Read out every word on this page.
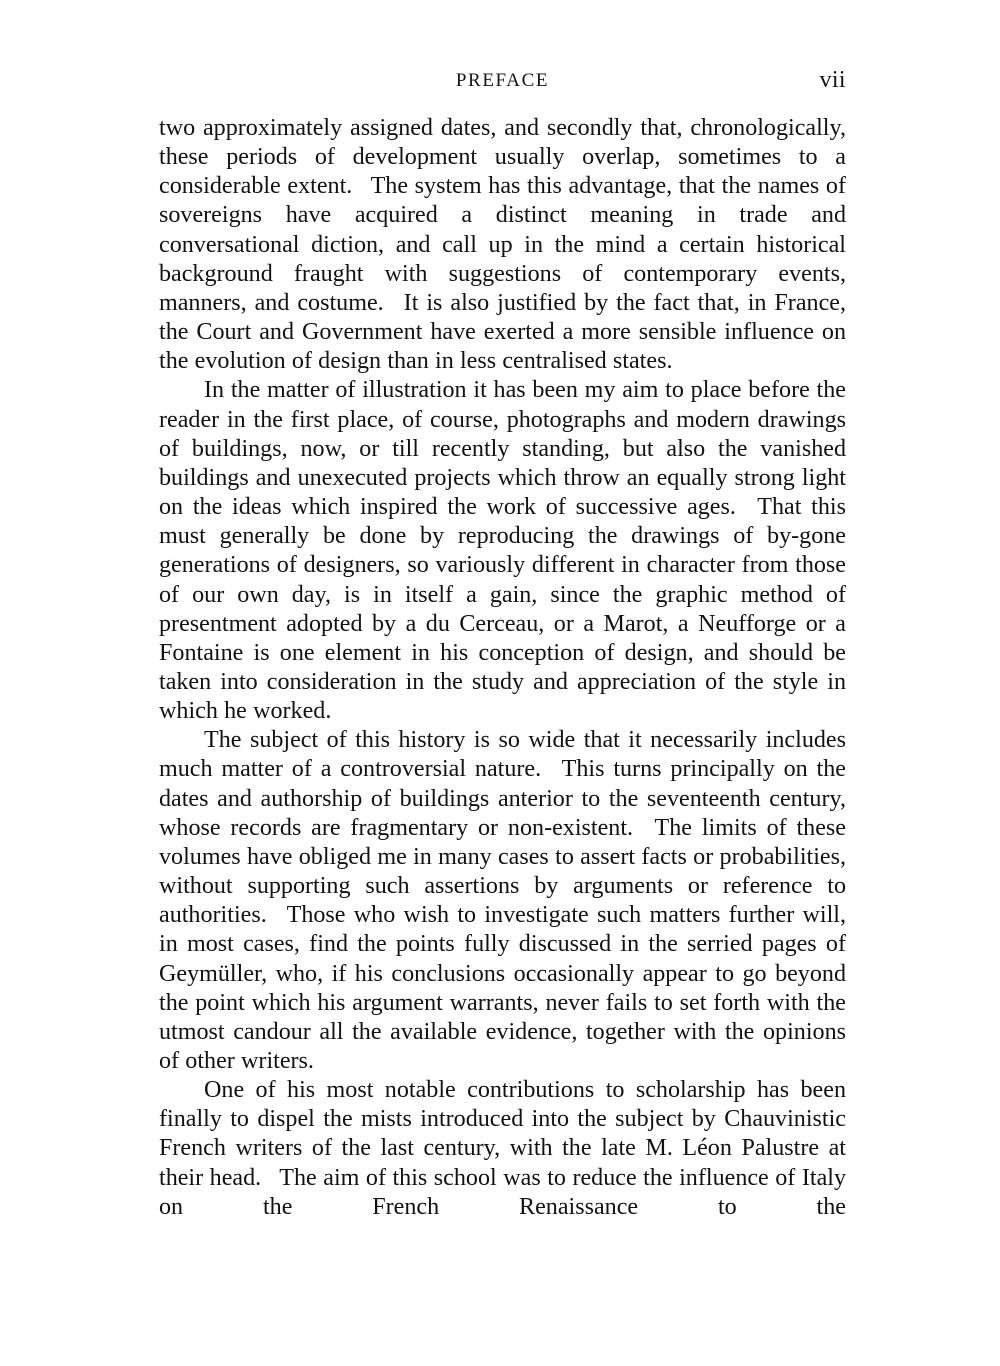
PREFACE	vii

two approximately assigned dates, and secondly that, chronologically, these periods of development usually overlap, sometimes to a considerable extent.  The system has this advantage, that the names of sovereigns have acquired a distinct meaning in trade and conversational diction, and call up in the mind a certain historical background fraught with suggestions of contemporary events, manners, and costume.  It is also justified by the fact that, in France, the Court and Government have exerted a more sensible influence on the evolution of design than in less centralised states.

In the matter of illustration it has been my aim to place before the reader in the first place, of course, photographs and modern drawings of buildings, now, or till recently standing, but also the vanished buildings and unexecuted projects which throw an equally strong light on the ideas which inspired the work of successive ages.  That this must generally be done by reproducing the drawings of by-gone generations of designers, so variously different in character from those of our own day, is in itself a gain, since the graphic method of presentment adopted by a du Cerceau, or a Marot, a Neufforge or a Fontaine is one element in his conception of design, and should be taken into consideration in the study and appreciation of the style in which he worked.

The subject of this history is so wide that it necessarily includes much matter of a controversial nature.  This turns principally on the dates and authorship of buildings anterior to the seventeenth century, whose records are fragmentary or non-existent.  The limits of these volumes have obliged me in many cases to assert facts or probabilities, without supporting such assertions by arguments or reference to authorities.  Those who wish to investigate such matters further will, in most cases, find the points fully discussed in the serried pages of Geymüller, who, if his conclusions occasionally appear to go beyond the point which his argument warrants, never fails to set forth with the utmost candour all the available evidence, together with the opinions of other writers.

One of his most notable contributions to scholarship has been finally to dispel the mists introduced into the subject by Chauvinistic French writers of the last century, with the late M. Léon Palustre at their head.  The aim of this school was to reduce the influence of Italy on the French Renaissance to the
